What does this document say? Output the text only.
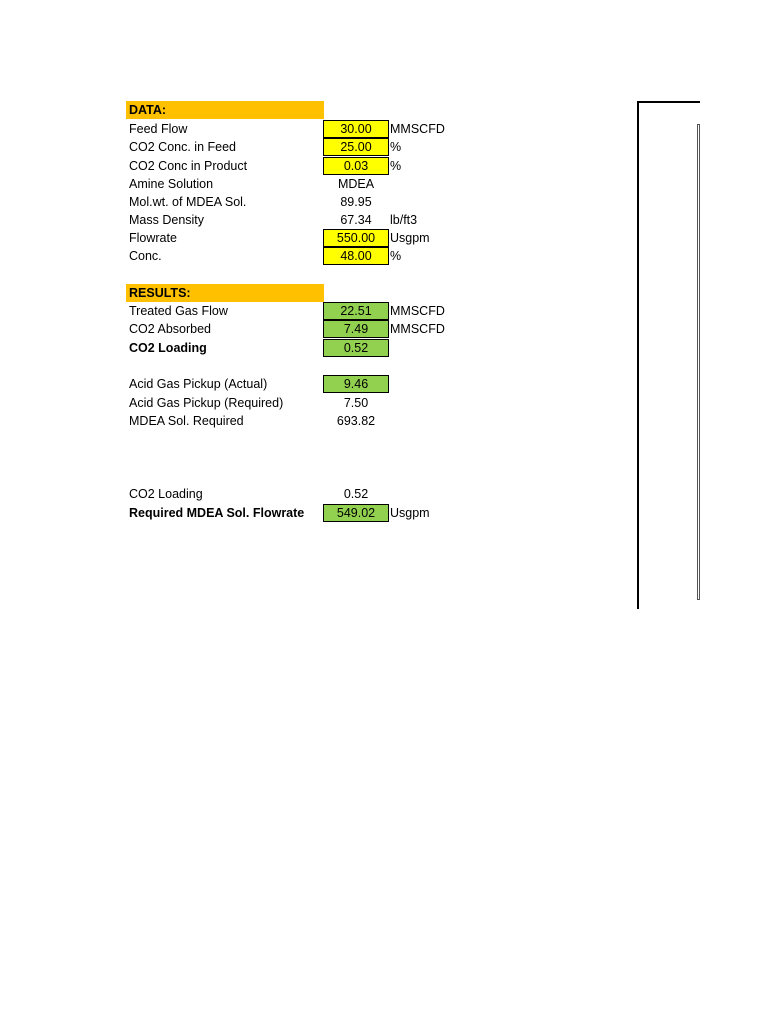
DATA:
Feed Flow	30.00	MMSCFD
CO2 Conc. in Feed	25.00	%
CO2 Conc in Product	0.03	%
Amine Solution	MDEA
Mol.wt. of MDEA Sol.	89.95
Mass Density	67.34	lb/ft3
Flowrate	550.00	Usgpm
Conc.	48.00	%
RESULTS:
Treated Gas Flow	22.51	MMSCFD
CO2 Absorbed	7.49	MMSCFD
CO2 Loading	0.52
Acid Gas Pickup (Actual)	9.46
Acid Gas Pickup (Required)	7.50
MDEA Sol. Required	693.82
CO2 Loading	0.52
Required MDEA Sol. Flowrate	549.02	Usgpm
